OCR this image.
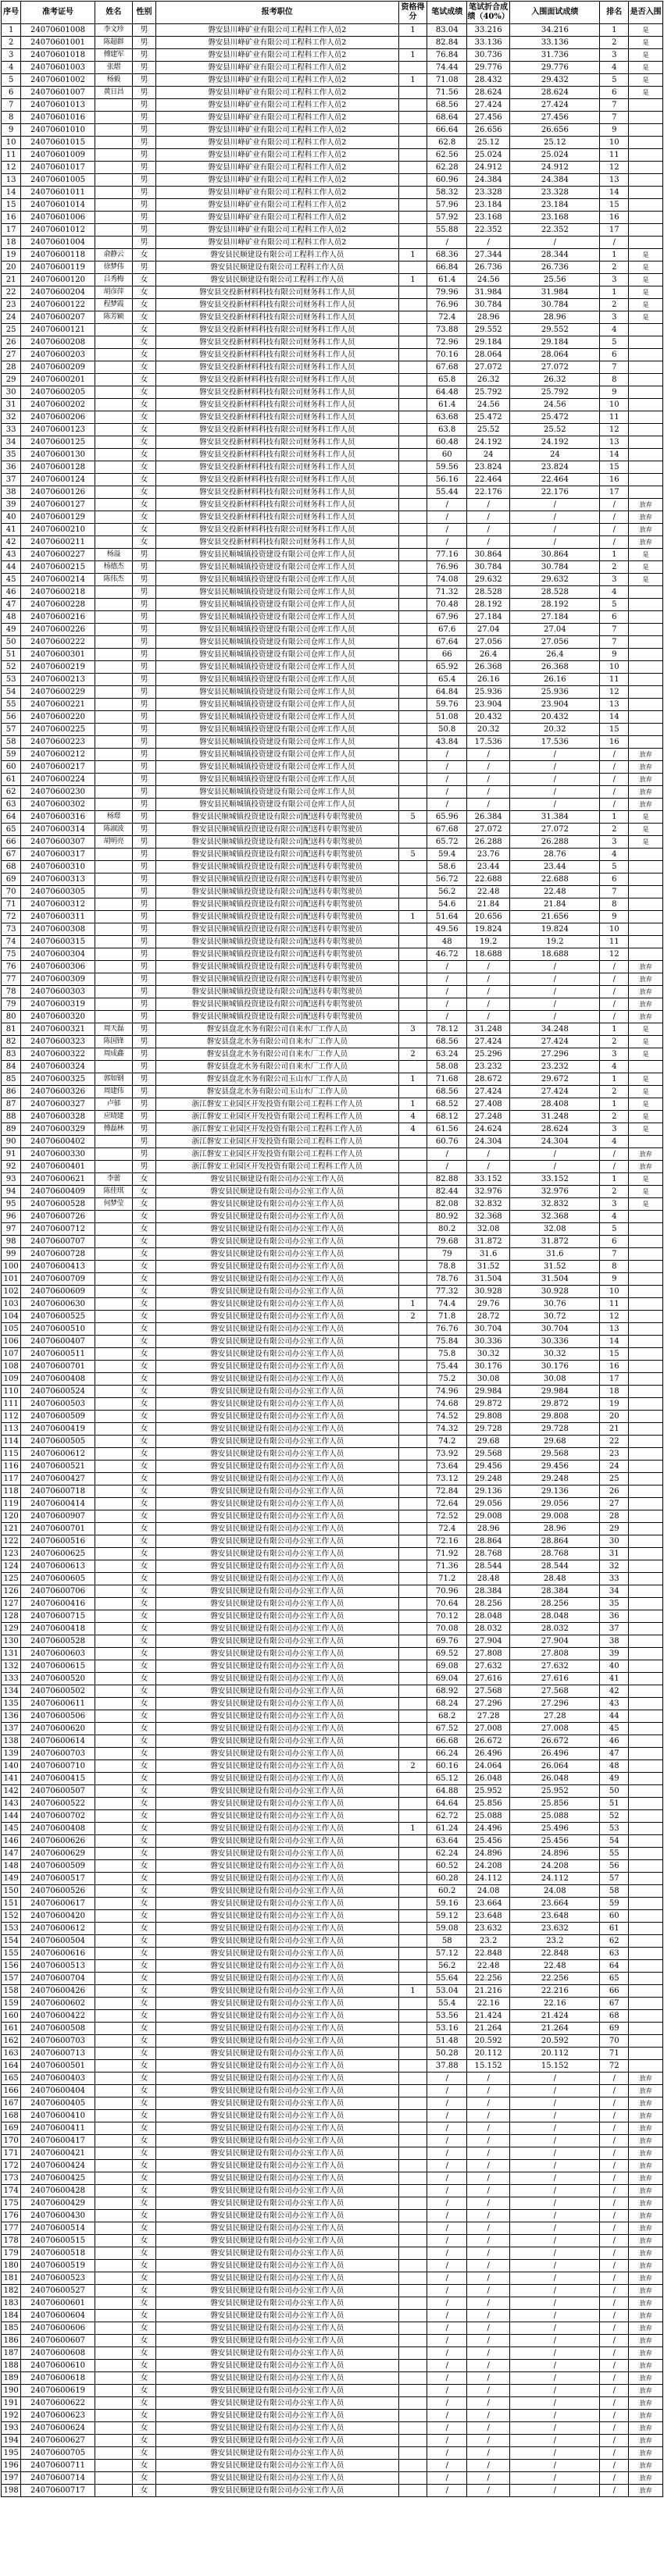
序号	准考证号	姓名	性别	报考职位	资格得分	笔试成绩	笔试折合成绩（40%）	入围面试成绩	排名	是否入围
1	24070601008	李文珍	男	磐安县川峰矿业有限公司工程科工作人员2	1	83.04	33.216	34.216	1	是
2	24070601001	陈超群	男	磐安县川峰矿业有限公司工程科工作人员2		82.84	33.136	33.136	2	是
3	24070601018	傅建军	男	磐安县川峰矿业有限公司工程科工作人员2	1	76.84	30.736	31.736	3	是
4	24070601003	张熠	男	磐安县川峰矿业有限公司工程科工作人员2		74.44	29.776	29.776	4	是
5	24070601002	杨毅	男	磐安县川峰矿业有限公司工程科工作人员2	1	71.08	28.432	29.432	5	是
6	24070601007	黄日昌	男	磐安县川峰矿业有限公司工程科工作人员2		71.56	28.624	28.624	6	是
7	24070601013		男	磐安县川峰矿业有限公司工程科工作人员2		68.56	27.424	27.424	7	
8	24070601016		男	磐安县川峰矿业有限公司工程科工作人员2		68.64	27.456	27.456	7	
9	24070601010		男	磐安县川峰矿业有限公司工程科工作人员2		66.64	26.656	26.656	9	
10	24070601015		男	磐安县川峰矿业有限公司工程科工作人员2		62.8	25.12	25.12	10	
11	24070601009		男	磐安县川峰矿业有限公司工程科工作人员2		62.56	25.024	25.024	11	
12	24070601017		男	磐安县川峰矿业有限公司工程科工作人员2		62.28	24.912	24.912	12	
13	24070601005		男	磐安县川峰矿业有限公司工程科工作人员2		60.96	24.384	24.384	13	
14	24070601011		男	磐安县川峰矿业有限公司工程科工作人员2		58.32	23.328	23.328	14	
15	24070601014		男	磐安县川峰矿业有限公司工程科工作人员2		57.96	23.184	23.184	15	
16	24070601006		男	磐安县川峰矿业有限公司工程科工作人员2		57.92	23.168	23.168	16	
17	24070601012		男	磐安县川峰矿业有限公司工程科工作人员2		55.88	22.352	22.352	17	
18	24070601004		男	磐安县川峰矿业有限公司工程科工作人员2		/	/	/	/	
19	24070600118	俞静云	女	磐安县民顺建设有限公司工程科工作人员	1	68.36	27.344	28.344	1	是
20	24070600119	徐梦伟	男	磐安县民顺建设有限公司工程科工作人员		66.84	26.736	26.736	2	是
21	24070600120	吕秀梅	女	磐安县民顺建设有限公司工程科工作人员	1	61.4	24.56	25.56	3	是
22	24070600204	胡彦萍	女	磐安县交投新材料科技有限公司财务科工作人员		79.96	31.984	31.984	1	是
23	24070600122	程梦霞	女	磐安县交投新材料科技有限公司财务科工作人员		76.96	30.784	30.784	2	是
24	24070600207	陈芳颖	女	磐安县交投新材料科技有限公司财务科工作人员		72.4	28.96	28.96	3	是
25	24070600121		女	磐安县交投新材料科技有限公司财务科工作人员		73.88	29.552	29.552	4	
26	24070600208		女	磐安县交投新材料科技有限公司财务科工作人员		72.96	29.184	29.184	5	
27	24070600203		女	磐安县交投新材料科技有限公司财务科工作人员		70.16	28.064	28.064	6	
28	24070600209		女	磐安县交投新材料科技有限公司财务科工作人员		67.68	27.072	27.072	7	
29	24070600201		女	磐安县交投新材料科技有限公司财务科工作人员		65.8	26.32	26.32	8	
30	24070600205		女	磐安县交投新材料科技有限公司财务科工作人员		64.48	25.792	25.792	9	
31	24070600202		女	磐安县交投新材料科技有限公司财务科工作人员		61.4	24.56	24.56	10	
32	24070600206		女	磐安县交投新材料科技有限公司财务科工作人员		63.68	25.472	25.472	11	
33	24070600123		女	磐安县交投新材料科技有限公司财务科工作人员		63.8	25.52	25.52	12	
34	24070600125		女	磐安县交投新材料科技有限公司财务科工作人员		60.48	24.192	24.192	13	
35	24070600130		女	磐安县交投新材料科技有限公司财务科工作人员		60	24	24	14	
36	24070600128		女	磐安县交投新材料科技有限公司财务科工作人员		59.56	23.824	23.824	15	
37	24070600124		女	磐安县交投新材料科技有限公司财务科工作人员		56.16	22.464	22.464	16	
38	24070600126		女	磐安县交投新材料科技有限公司财务科工作人员		55.44	22.176	22.176	17	
39	24070600127		女	磐安县交投新材料科技有限公司财务科工作人员		/	/	/	/	放弃
40	24070600129		女	磐安县交投新材料科技有限公司财务科工作人员		/	/	/	/	放弃
41	24070600210		女	磐安县交投新材料科技有限公司财务科工作人员		/	/	/	/	放弃
42	24070600211		女	磐安县交投新材料科技有限公司财务科工作人员		/	/	/	/	放弃
43	24070600227	杨溢	男	磐安县民顺城镇投资建设有限公司仓库工作人员		77.16	30.864	30.864	1	是
44	24070600215	杨德杰	男	磐安县民顺城镇投资建设有限公司仓库工作人员		76.96	30.784	30.784	2	是
45	24070600214	陈伟杰	男	磐安县民顺城镇投资建设有限公司仓库工作人员		74.08	29.632	29.632	3	是
46	24070600218		男	磐安县民顺城镇投资建设有限公司仓库工作人员		71.32	28.528	28.528	4	
47	24070600228		男	磐安县民顺城镇投资建设有限公司仓库工作人员		70.48	28.192	28.192	5	
48	24070600216		男	磐安县民顺城镇投资建设有限公司仓库工作人员		67.96	27.184	27.184	6	
49	24070600226		男	磐安县民顺城镇投资建设有限公司仓库工作人员		67.6	27.04	27.04	7	
50	24070600222		男	磐安县民顺城镇投资建设有限公司仓库工作人员		67.64	27.056	27.056	7	
51	24070600301		男	磐安县民顺城镇投资建设有限公司仓库工作人员		66	26.4	26.4	9	
52	24070600219		男	磐安县民顺城镇投资建设有限公司仓库工作人员		65.92	26.368	26.368	10	
53	24070600213		男	磐安县民顺城镇投资建设有限公司仓库工作人员		65.4	26.16	26.16	11	
54	24070600229		男	磐安县民顺城镇投资建设有限公司仓库工作人员		64.84	25.936	25.936	12	
55	24070600221		男	磐安县民顺城镇投资建设有限公司仓库工作人员		59.76	23.904	23.904	13	
56	24070600220		男	磐安县民顺城镇投资建设有限公司仓库工作人员		51.08	20.432	20.432	14	
57	24070600225		男	磐安县民顺城镇投资建设有限公司仓库工作人员		50.8	20.32	20.32	15	
58	24070600223		男	磐安县民顺城镇投资建设有限公司仓库工作人员		43.84	17.536	17.536	16	
59	24070600212		男	磐安县民顺城镇投资建设有限公司仓库工作人员		/	/	/	/	放弃
60	24070600217		男	磐安县民顺城镇投资建设有限公司仓库工作人员		/	/	/	/	放弃
61	24070600224		男	磐安县民顺城镇投资建设有限公司仓库工作人员		/	/	/	/	放弃
62	24070600230		男	磐安县民顺城镇投资建设有限公司仓库工作人员		/	/	/	/	放弃
63	24070600302		男	磐安县民顺城镇投资建设有限公司仓库工作人员		/	/	/	/	放弃
64	24070600316	杨璟	男	磐安县民顺城镇投资建设有限公司配送科专职驾驶员	5	65.96	26.384	31.384	1	是
65	24070600314	陈淑波	男	磐安县民顺城镇投资建设有限公司配送科专职驾驶员		67.68	27.072	27.072	2	是
66	24070600307	胡明亮	男	磐安县民顺城镇投资建设有限公司配送科专职驾驶员		65.72	26.288	26.288	3	是
67	24070600317		男	磐安县民顺城镇投资建设有限公司配送科专职驾驶员	5	59.4	23.76	28.76	4	
68	24070600310		男	磐安县民顺城镇投资建设有限公司配送科专职驾驶员		58.6	23.44	23.44	5	
69	24070600313		男	磐安县民顺城镇投资建设有限公司配送科专职驾驶员		56.72	22.688	22.688	6	
70	24070600305		男	磐安县民顺城镇投资建设有限公司配送科专职驾驶员		56.2	22.48	22.48	7	
71	24070600312		男	磐安县民顺城镇投资建设有限公司配送科专职驾驶员		54.6	21.84	21.84	8	
72	24070600311		男	磐安县民顺城镇投资建设有限公司配送科专职驾驶员	1	51.64	20.656	21.656	9	
73	24070600308		男	磐安县民顺城镇投资建设有限公司配送科专职驾驶员		49.56	19.824	19.824	10	
74	24070600315		男	磐安县民顺城镇投资建设有限公司配送科专职驾驶员		48	19.2	19.2	11	
75	24070600304		男	磐安县民顺城镇投资建设有限公司配送科专职驾驶员		46.72	18.688	18.688	12	
76	24070600306		男	磐安县民顺城镇投资建设有限公司配送科专职驾驶员		/	/	/	/	放弃
77	24070600309		男	磐安县民顺城镇投资建设有限公司配送科专职驾驶员		/	/	/	/	放弃
78	24070600303		男	磐安县民顺城镇投资建设有限公司配送科专职驾驶员		/	/	/	/	放弃
79	24070600319		男	磐安县民顺城镇投资建设有限公司配送科专职驾驶员		/	/	/	/	放弃
80	24070600320		男	磐安县民顺城镇投资建设有限公司配送科专职驾驶员		/	/	/	/	放弃
81	24070600321	周天磊	男	磐安县盘北水务有限公司自来水厂工作人员	3	78.12	31.248	34.248	1	是
82	24070600323	陈国锋	男	磐安县盘北水务有限公司自来水厂工作人员		68.56	27.424	27.424	2	是
83	24070600322	周成鑫	男	磐安县盘北水务有限公司自来水厂工作人员	2	63.24	25.296	27.296	3	是
84	24070600324		男	磐安县盘北水务有限公司自来水厂工作人员		58.08	23.232	23.232	4	
85	24070600325	郭如钢	男	磐安县盘北水务有限公司玉山水厂工作人员	1	71.68	28.672	29.672	1	是
86	24070600326	周建伟	男	磐安县盘北水务有限公司玉山水厂工作人员		68.56	27.424	27.424	2	是
87	24070600327	卢郁	男	浙江磐安工业园区开发投资有限公司工程科工作人员	1	68.52	27.408	28.408	1	是
88	24070600328	应晓建	男	浙江磐安工业园区开发投资有限公司工程科工作人员	4	68.12	27.248	31.248	2	是
89	24070600329	傅磊林	男	浙江磐安工业园区开发投资有限公司工程科工作人员	4	61.56	24.624	28.624	3	是
90	24070600402		男	浙江磐安工业园区开发投资有限公司工程科工作人员		60.76	24.304	24.304	4	
91	24070600330		男	浙江磐安工业园区开发投资有限公司工程科工作人员		/	/	/	/	放弃
92	24070600401		男	浙江磐安工业园区开发投资有限公司工程科工作人员		/	/	/	/	放弃
93	24070600621	李蕾	女	磐安县民顺建设有限公司办公室工作人员		82.88	33.152	33.152	1	是
94	24070600409	陈佳琪	女	磐安县民顺建设有限公司办公室工作人员		82.44	32.976	32.976	2	是
95	24070600528	何梦莹	女	磐安县民顺建设有限公司办公室工作人员		82.08	32.832	32.832	3	是
96	24070600726		女	磐安县民顺建设有限公司办公室工作人员		80.92	32.368	32.368	4	
97	24070600712		女	磐安县民顺建设有限公司办公室工作人员		80.2	32.08	32.08	5	
98	24070600707		女	磐安县民顺建设有限公司办公室工作人员		79.68	31.872	31.872	6	
99	24070600728		女	磐安县民顺建设有限公司办公室工作人员		79	31.6	31.6	7	
100	24070600413		女	磐安县民顺建设有限公司办公室工作人员		78.8	31.52	31.52	8	
101	24070600709		女	磐安县民顺建设有限公司办公室工作人员		78.76	31.504	31.504	9	
102	24070600609		女	磐安县民顺建设有限公司办公室工作人员		77.32	30.928	30.928	10	
103	24070600630		女	磐安县民顺建设有限公司办公室工作人员	1	74.4	29.76	30.76	11	
104	24070600525		女	磐安县民顺建设有限公司办公室工作人员	2	71.8	28.72	30.72	12	
105	24070600510		女	磐安县民顺建设有限公司办公室工作人员		76.76	30.704	30.704	13	
106	24070600407		女	磐安县民顺建设有限公司办公室工作人员		75.84	30.336	30.336	14	
107	24070600511		女	磐安县民顺建设有限公司办公室工作人员		75.8	30.32	30.32	15	
108	24070600701		女	磐安县民顺建设有限公司办公室工作人员		75.44	30.176	30.176	16	
109	24070600408		女	磐安县民顺建设有限公司办公室工作人员		75.2	30.08	30.08	17	
110	24070600524		女	磐安县民顺建设有限公司办公室工作人员		74.96	29.984	29.984	18	
111	24070600503		女	磐安县民顺建设有限公司办公室工作人员		74.68	29.872	29.872	19	
112	24070600509		女	磐安县民顺建设有限公司办公室工作人员		74.52	29.808	29.808	20	
113	24070600419		女	磐安县民顺建设有限公司办公室工作人员		74.32	29.728	29.728	21	
114	24070600505		女	磐安县民顺建设有限公司办公室工作人员		74.2	29.68	29.68	22	
115	24070600612		女	磐安县民顺建设有限公司办公室工作人员		73.92	29.568	29.568	23	
116	24070600521		女	磐安县民顺建设有限公司办公室工作人员		73.64	29.456	29.456	24	
117	24070600427		女	磐安县民顺建设有限公司办公室工作人员		73.12	29.248	29.248	25	
118	24070600718		女	磐安县民顺建设有限公司办公室工作人员		72.84	29.136	29.136	26	
119	24070600414		女	磐安县民顺建设有限公司办公室工作人员		72.64	29.056	29.056	27	
120	24070600907		女	磐安县民顺建设有限公司办公室工作人员		72.52	29.008	29.008	28	
121	24070600701		女	磐安县民顺建设有限公司办公室工作人员		72.4	28.96	28.96	29	
122	24070600516		女	磐安县民顺建设有限公司办公室工作人员		72.16	28.864	28.864	30	
123	24070600625		女	磐安县民顺建设有限公司办公室工作人员		71.92	28.768	28.768	31	
124	24070600613		女	磐安县民顺建设有限公司办公室工作人员		71.36	28.544	28.544	32	
125	24070600605		女	磐安县民顺建设有限公司办公室工作人员		71.2	28.48	28.48	33	
126	24070600706		女	磐安县民顺建设有限公司办公室工作人员		70.96	28.384	28.384	34	
127	24070600416		女	磐安县民顺建设有限公司办公室工作人员		70.64	28.256	28.256	35	
128	24070600715		女	磐安县民顺建设有限公司办公室工作人员		70.12	28.048	28.048	36	
129	24070600418		女	磐安县民顺建设有限公司办公室工作人员		70.08	28.032	28.032	37	
130	24070600528		女	磐安县民顺建设有限公司办公室工作人员		69.76	27.904	27.904	38	
131	24070600603		女	磐安县民顺建设有限公司办公室工作人员		69.52	27.808	27.808	39	
132	24070600615		女	磐安县民顺建设有限公司办公室工作人员		69.08	27.632	27.632	40	
133	24070600520		女	磐安县民顺建设有限公司办公室工作人员		69.04	27.616	27.616	41	
134	24070600502		女	磐安县民顺建设有限公司办公室工作人员		68.92	27.568	27.568	42	
135	24070600611		女	磐安县民顺建设有限公司办公室工作人员		68.24	27.296	27.296	43	
136	24070600506		女	磐安县民顺建设有限公司办公室工作人员		68.2	27.28	27.28	44	
137	24070600620		女	磐安县民顺建设有限公司办公室工作人员		67.52	27.008	27.008	45	
138	24070600614		女	磐安县民顺建设有限公司办公室工作人员		66.68	26.672	26.672	46	
139	24070600703		女	磐安县民顺建设有限公司办公室工作人员		66.24	26.496	26.496	47	
140	24070600710		女	磐安县民顺建设有限公司办公室工作人员	2	60.16	24.064	26.064	48	
141	24070600415		女	磐安县民顺建设有限公司办公室工作人员		65.12	26.048	26.048	49	
142	24070600507		女	磐安县民顺建设有限公司办公室工作人员		64.88	25.952	25.952	50	
143	24070600522		女	磐安县民顺建设有限公司办公室工作人员		64.64	25.856	25.856	51	
144	24070600702		女	磐安县民顺建设有限公司办公室工作人员		62.72	25.088	25.088	52	
145	24070600408		女	磐安县民顺建设有限公司办公室工作人员	1	61.24	24.496	25.496	53	
146	24070600626		女	磐安县民顺建设有限公司办公室工作人员		63.64	25.456	25.456	54	
147	24070600629		女	磐安县民顺建设有限公司办公室工作人员		62.24	24.896	24.896	55	
148	24070600509		女	磐安县民顺建设有限公司办公室工作人员		60.52	24.208	24.208	56	
149	24070600517		女	磐安县民顺建设有限公司办公室工作人员		60.28	24.112	24.112	57	
150	24070600526		女	磐安县民顺建设有限公司办公室工作人员		60.2	24.08	24.08	58	
151	24070600617		女	磐安县民顺建设有限公司办公室工作人员		59.16	23.664	23.664	59	
152	24070600420		女	磐安县民顺建设有限公司办公室工作人员		59.12	23.648	23.648	60	
153	24070600612		女	磐安县民顺建设有限公司办公室工作人员		59.08	23.632	23.632	61	
154	24070600504		女	磐安县民顺建设有限公司办公室工作人员		58	23.2	23.2	62	
155	24070600616		女	磐安县民顺建设有限公司办公室工作人员		57.12	22.848	22.848	63	
156	24070600513		女	磐安县民顺建设有限公司办公室工作人员		56.2	22.48	22.48	64	
157	24070600704		女	磐安县民顺建设有限公司办公室工作人员		55.64	22.256	22.256	65	
158	24070600426		女	磐安县民顺建设有限公司办公室工作人员	1	53.04	21.216	22.216	66	
159	24070600602		女	磐安县民顺建设有限公司办公室工作人员		55.4	22.16	22.16	67	
160	24070600422		女	磐安县民顺建设有限公司办公室工作人员		53.56	21.424	21.424	68	
161	24070600508		女	磐安县民顺建设有限公司办公室工作人员		53.16	21.264	21.264	69	
162	24070600703		女	磐安县民顺建设有限公司办公室工作人员		51.48	20.592	20.592	70	
163	24070600713		女	磐安县民顺建设有限公司办公室工作人员		50.28	20.112	20.112	71	
164	24070600501		女	磐安县民顺建设有限公司办公室工作人员		37.88	15.152	15.152	72	
165	24070600403		女	磐安县民顺建设有限公司办公室工作人员		/	/	/	/	放弃
166	24070600404		女	磐安县民顺建设有限公司办公室工作人员		/	/	/	/	放弃
167	24070600405		女	磐安县民顺建设有限公司办公室工作人员		/	/	/	/	放弃
168	24070600410		女	磐安县民顺建设有限公司办公室工作人员		/	/	/	/	放弃
169	24070600411		女	磐安县民顺建设有限公司办公室工作人员		/	/	/	/	放弃
170	24070600417		女	磐安县民顺建设有限公司办公室工作人员		/	/	/	/	放弃
171	24070600421		女	磐安县民顺建设有限公司办公室工作人员		/	/	/	/	放弃
172	24070600424		女	磐安县民顺建设有限公司办公室工作人员		/	/	/	/	放弃
173	24070600425		女	磐安县民顺建设有限公司办公室工作人员		/	/	/	/	放弃
174	24070600428		女	磐安县民顺建设有限公司办公室工作人员		/	/	/	/	放弃
175	24070600429		女	磐安县民顺建设有限公司办公室工作人员		/	/	/	/	放弃
176	24070600430		女	磐安县民顺建设有限公司办公室工作人员		/	/	/	/	放弃
177	24070600514		女	磐安县民顺建设有限公司办公室工作人员		/	/	/	/	放弃
178	24070600515		女	磐安县民顺建设有限公司办公室工作人员		/	/	/	/	放弃
179	24070600518		女	磐安县民顺建设有限公司办公室工作人员		/	/	/	/	放弃
180	24070600519		女	磐安县民顺建设有限公司办公室工作人员		/	/	/	/	放弃
181	24070600523		女	磐安县民顺建设有限公司办公室工作人员		/	/	/	/	放弃
182	24070600527		女	磐安县民顺建设有限公司办公室工作人员		/	/	/	/	放弃
183	24070600601		女	磐安县民顺建设有限公司办公室工作人员		/	/	/	/	放弃
184	24070600604		女	磐安县民顺建设有限公司办公室工作人员		/	/	/	/	放弃
185	24070600606		女	磐安县民顺建设有限公司办公室工作人员		/	/	/	/	放弃
186	24070600607		女	磐安县民顺建设有限公司办公室工作人员		/	/	/	/	放弃
187	24070600608		女	磐安县民顺建设有限公司办公室工作人员		/	/	/	/	放弃
188	24070600610		女	磐安县民顺建设有限公司办公室工作人员		/	/	/	/	放弃
189	24070600618		女	磐安县民顺建设有限公司办公室工作人员		/	/	/	/	放弃
190	24070600619		女	磐安县民顺建设有限公司办公室工作人员		/	/	/	/	放弃
191	24070600622		女	磐安县民顺建设有限公司办公室工作人员		/	/	/	/	放弃
192	24070600623		女	磐安县民顺建设有限公司办公室工作人员		/	/	/	/	放弃
193	24070600624		女	磐安县民顺建设有限公司办公室工作人员		/	/	/	/	放弃
194	24070600627		女	磐安县民顺建设有限公司办公室工作人员		/	/	/	/	放弃
195	24070600705		女	磐安县民顺建设有限公司办公室工作人员		/	/	/	/	放弃
196	24070600711		女	磐安县民顺建设有限公司办公室工作人员		/	/	/	/	放弃
197	24070600714		女	磐安县民顺建设有限公司办公室工作人员		/	/	/	/	放弃
198	24070600717		女	磐安县民顺建设有限公司办公室工作人员		/	/	/	/	放弃
